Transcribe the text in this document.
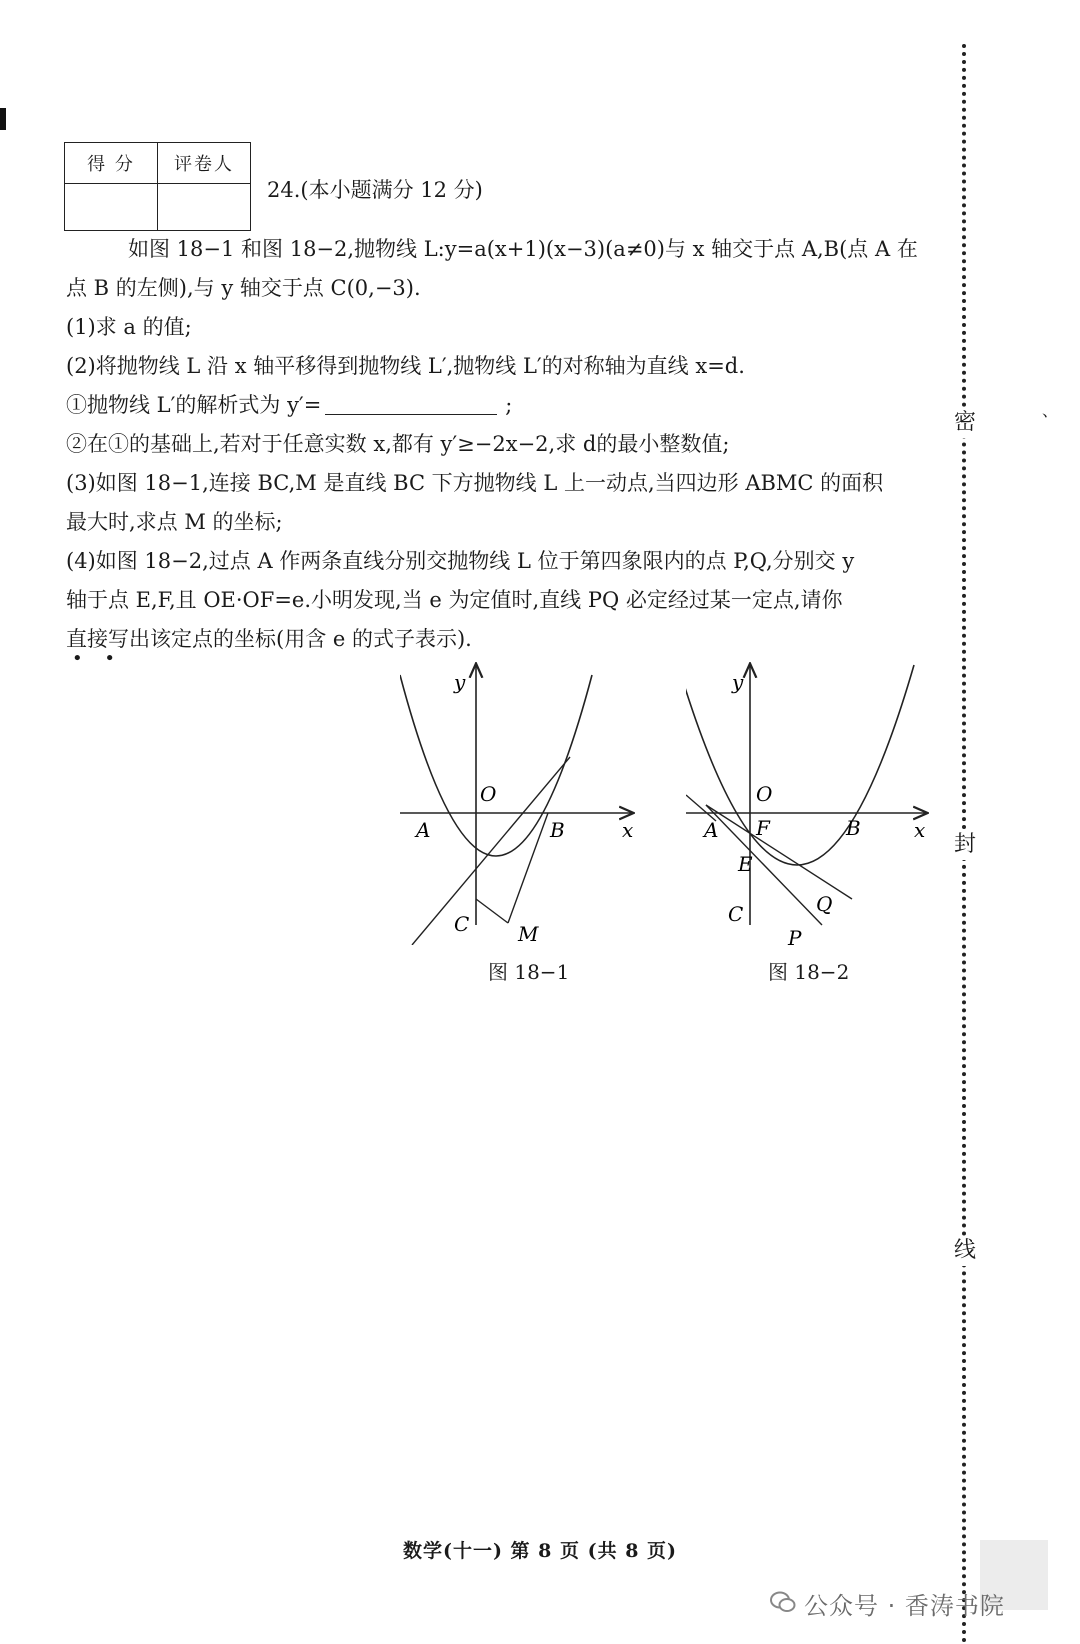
得 分	评卷人

24.(本小题满分 12 分)

如图 18−1 和图 18−2,抛物线 L:y=a(x+1)(x−3)(a≠0)与 x 轴交于点 A,B(点 A 在

点 B 的左侧),与 y 轴交于点 C(0,−3).

(1)求 a 的值;

(2)将抛物线 L 沿 x 轴平移得到抛物线 L′,抛物线 L′的对称轴为直线 x=d.

①抛物线 L′的解析式为 y′=	;

②在①的基础上,若对于任意实数 x,都有 y′≥−2x−2,求 d的最小整数值;

(3)如图 18−1,连接 BC,M 是直线 BC 下方抛物线 L 上一动点,当四边形 ABMC 的面积

最大时,求点 M 的坐标;

(4)如图 18−2,过点 A 作两条直线分别交抛物线 L 位于第四象限内的点 P,Q,分别交 y

轴于点 E,F,且 OE·OF=e.小明发现,当 e 为定值时,直线 PQ 必定经过某一定点,请你

直接写出该定点的坐标(用含 e 的式子表示).

• •
y
O
A	B	x
C M
图 18−1
y
O
A F	B	x
E
C	Q
P
图 18−2
密
封
线
、
数学(十一) 第 8 页 (共 8 页)
公众号 · 香涛书院
